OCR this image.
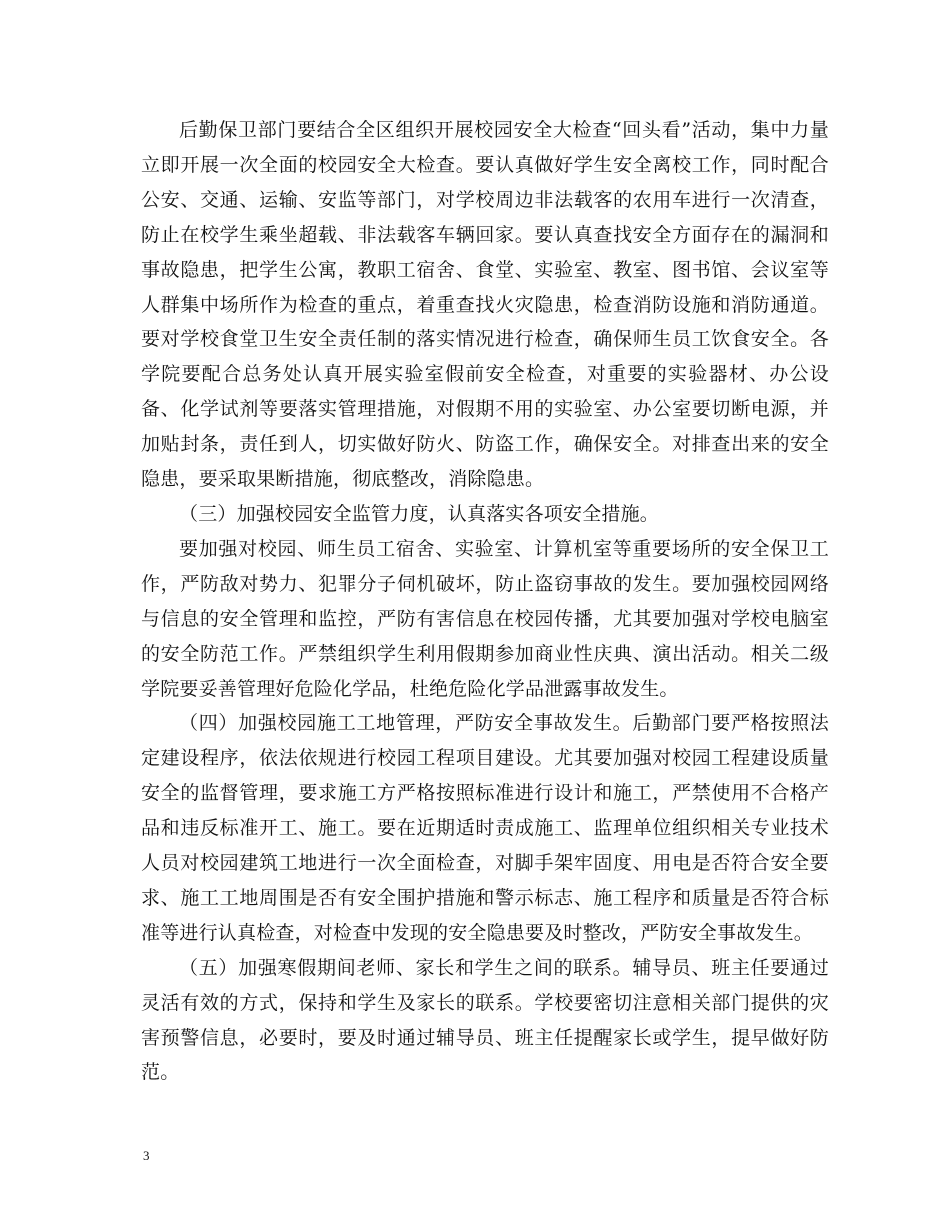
后勤保卫部门要结合全区组织开展校园安全大检查“回头看”活动，集中力量立即开展一次全面的校园安全大检查。要认真做好学生安全离校工作，同时配合公安、交通、运输、安监等部门，对学校周边非法载客的农用车进行一次清查，防止在校学生乘坐超载、非法载客车辆回家。要认真查找安全方面存在的漏洞和事故隐患，把学生公寓，教职工宿舍、食堂、实验室、教室、图书馆、会议室等人群集中场所作为检查的重点，着重查找火灾隐患，检查消防设施和消防通道。要对学校食堂卫生安全责任制的落实情况进行检查，确保师生员工饮食安全。各学院要配合总务处认真开展实验室假前安全检查，对重要的实验器材、办公设备、化学试剂等要落实管理措施，对假期不用的实验室、办公室要切断电源，并加贴封条，责任到人，切实做好防火、防盗工作，确保安全。对排查出来的安全隐患，要采取果断措施，彻底整改，消除隐患。

（三）加强校园安全监管力度，认真落实各项安全措施。

要加强对校园、师生员工宿舍、实验室、计算机室等重要场所的安全保卫工作，严防敌对势力、犯罪分子伺机破坏，防止盗窃事故的发生。要加强校园网络与信息的安全管理和监控，严防有害信息在校园传播，尤其要加强对学校电脑室的安全防范工作。严禁组织学生利用假期参加商业性庆典、演出活动。相关二级学院要妥善管理好危险化学品，杜绝危险化学品泄露事故发生。

（四）加强校园施工工地管理，严防安全事故发生。后勤部门要严格按照法定建设程序，依法依规进行校园工程项目建设。尤其要加强对校园工程建设质量安全的监督管理，要求施工方严格按照标准进行设计和施工，严禁使用不合格产品和违反标准开工、施工。要在近期适时责成施工、监理单位组织相关专业技术人员对校园建筑工地进行一次全面检查，对脚手架牢固度、用电是否符合安全要求、施工工地周围是否有安全围护措施和警示标志、施工程序和质量是否符合标准等进行认真检查，对检查中发现的安全隐患要及时整改，严防安全事故发生。

（五）加强寒假期间老师、家长和学生之间的联系。辅导员、班主任要通过灵活有效的方式，保持和学生及家长的联系。学校要密切注意相关部门提供的灾害预警信息，必要时，要及时通过辅导员、班主任提醒家长或学生，提早做好防范。

3
